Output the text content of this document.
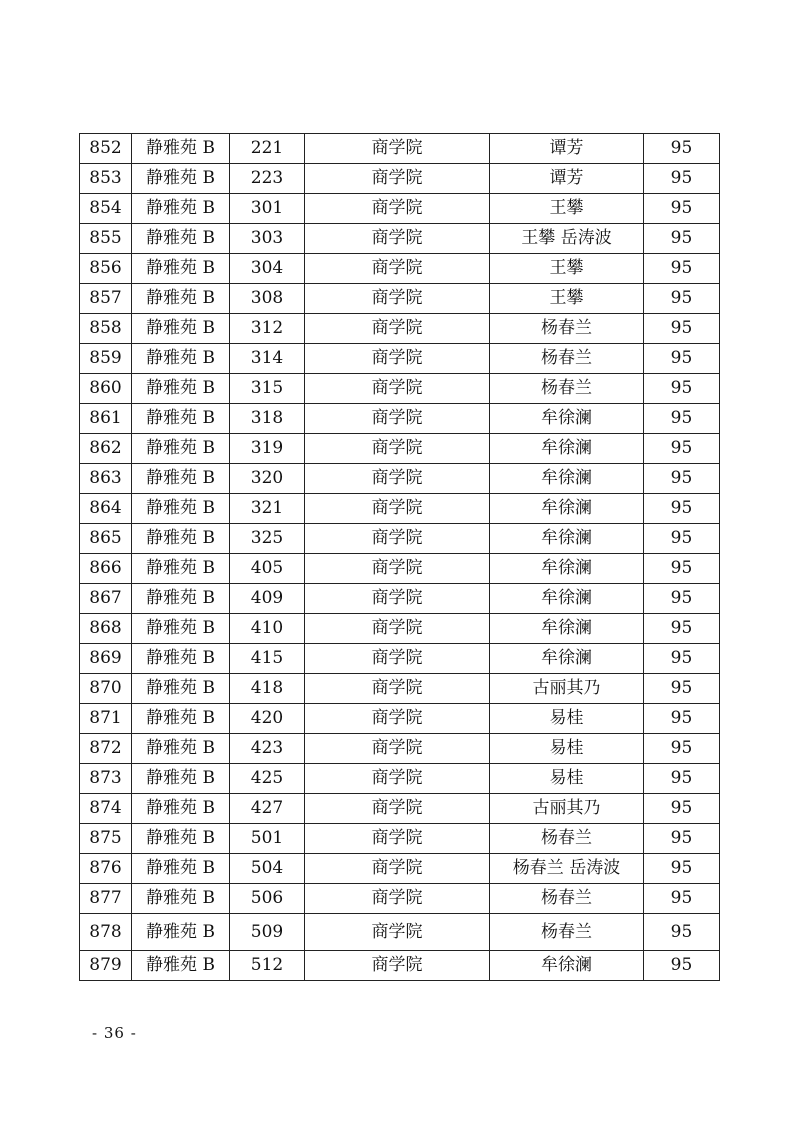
852	静雅苑 B	221	商学院	谭芳	95
853	静雅苑 B	223	商学院	谭芳	95
854	静雅苑 B	301	商学院	王攀	95
855	静雅苑 B	303	商学院	王攀 岳涛波	95
856	静雅苑 B	304	商学院	王攀	95
857	静雅苑 B	308	商学院	王攀	95
858	静雅苑 B	312	商学院	杨春兰	95
859	静雅苑 B	314	商学院	杨春兰	95
860	静雅苑 B	315	商学院	杨春兰	95
861	静雅苑 B	318	商学院	牟徐澜	95
862	静雅苑 B	319	商学院	牟徐澜	95
863	静雅苑 B	320	商学院	牟徐澜	95
864	静雅苑 B	321	商学院	牟徐澜	95
865	静雅苑 B	325	商学院	牟徐澜	95
866	静雅苑 B	405	商学院	牟徐澜	95
867	静雅苑 B	409	商学院	牟徐澜	95
868	静雅苑 B	410	商学院	牟徐澜	95
869	静雅苑 B	415	商学院	牟徐澜	95
870	静雅苑 B	418	商学院	古丽其乃	95
871	静雅苑 B	420	商学院	易桂	95
872	静雅苑 B	423	商学院	易桂	95
873	静雅苑 B	425	商学院	易桂	95
874	静雅苑 B	427	商学院	古丽其乃	95
875	静雅苑 B	501	商学院	杨春兰	95
876	静雅苑 B	504	商学院	杨春兰 岳涛波	95
877	静雅苑 B	506	商学院	杨春兰	95
878	静雅苑 B	509	商学院	杨春兰	95
879	静雅苑 B	512	商学院	牟徐澜	95
- 36 -
